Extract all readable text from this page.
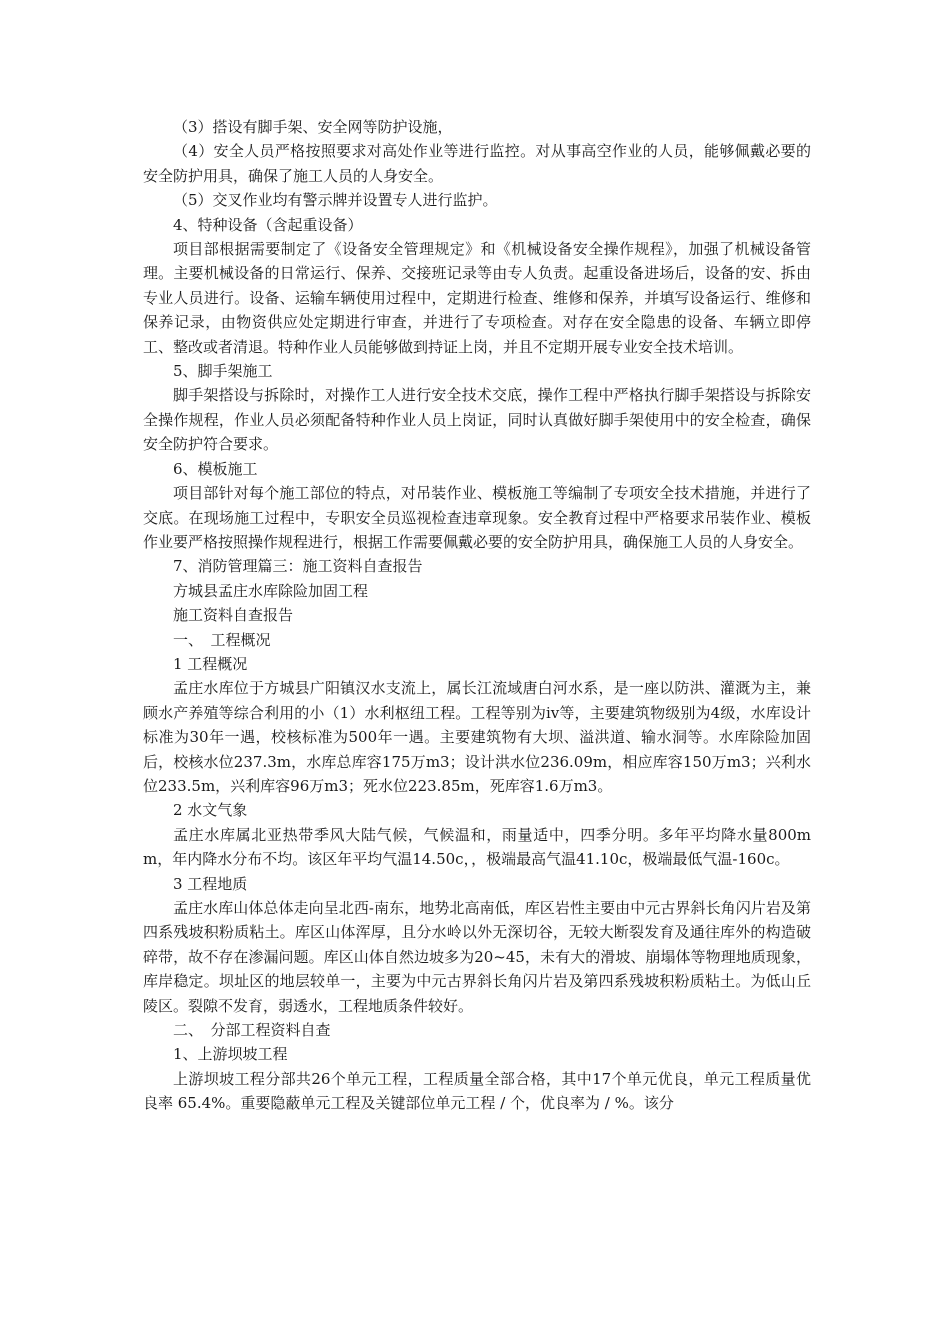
（3）搭设有脚手架、安全网等防护设施，

（4）安全人员严格按照要求对高处作业等进行监控。对从事高空作业的人员，能够佩戴必要的安全防护用具，确保了施工人员的人身安全。

（5）交叉作业均有警示牌并设置专人进行监护。

4、特种设备（含起重设备）

项目部根据需要制定了《设备安全管理规定》和《机械设备安全操作规程》，加强了机械设备管理。主要机械设备的日常运行、保养、交接班记录等由专人负责。起重设备进场后，设备的安、拆由专业人员进行。设备、运输车辆使用过程中，定期进行检查、维修和保养，并填写设备运行、维修和保养记录，由物资供应处定期进行审查，并进行了专项检查。对存在安全隐患的设备、车辆立即停工、整改或者清退。特种作业人员能够做到持证上岗，并且不定期开展专业安全技术培训。

5、脚手架施工

脚手架搭设与拆除时，对操作工人进行安全技术交底，操作工程中严格执行脚手架搭设与拆除安全操作规程，作业人员必须配备特种作业人员上岗证，同时认真做好脚手架使用中的安全检查，确保安全防护符合要求。

6、模板施工

项目部针对每个施工部位的特点，对吊装作业、模板施工等编制了专项安全技术措施，并进行了交底。在现场施工过程中，专职安全员巡视检查违章现象。安全教育过程中严格要求吊装作业、模板作业要严格按照操作规程进行，根据工作需要佩戴必要的安全防护用具，确保施工人员的人身安全。

7、消防管理篇三：施工资料自查报告

方城县孟庄水库除险加固工程

施工资料自查报告

一、　工程概况

1 工程概况

孟庄水库位于方城县广阳镇汉水支流上，属长江流域唐白河水系，是一座以防洪、灌溉为主，兼顾水产养殖等综合利用的小（1）水利枢纽工程。工程等别为ⅳ等，主要建筑物级别为4级，水库设计标准为30年一遇，校核标准为500年一遇。主要建筑物有大坝、溢洪道、输水洞等。水库除险加固后，校核水位237.3m，水库总库容175万m3；设计洪水位236.09m，相应库容150万m3；兴利水位233.5m，兴利库容96万m3；死水位223.85m，死库容1.6万m3。

2 水文气象

孟庄水库属北亚热带季风大陆气候，气候温和，雨量适中，四季分明。多年平均降水量800mm，年内降水分布不均。该区年平均气温14.50c，，极端最高气温41.10c，极端最低气温-160c。

3 工程地质

孟庄水库山体总体走向呈北西-南东，地势北高南低，库区岩性主要由中元古界斜长角闪片岩及第四系残坡积粉质粘土。库区山体浑厚，且分水岭以外无深切谷，无较大断裂发育及通往库外的构造破碎带，故不存在渗漏问题。库区山体自然边坡多为20~45，未有大的滑坡、崩塌体等物理地质现象，库岸稳定。坝址区的地层较单一，主要为中元古界斜长角闪片岩及第四系残坡积粉质粘土。为低山丘陵区。裂隙不发育，弱透水，工程地质条件较好。

二、　分部工程资料自查

1、上游坝坡工程

上游坝坡工程分部共26个单元工程，工程质量全部合格，其中17个单元优良，单元工程质量优良率 65.4%。重要隐蔽单元工程及关键部位单元工程 / 个，优良率为 / %。该分
